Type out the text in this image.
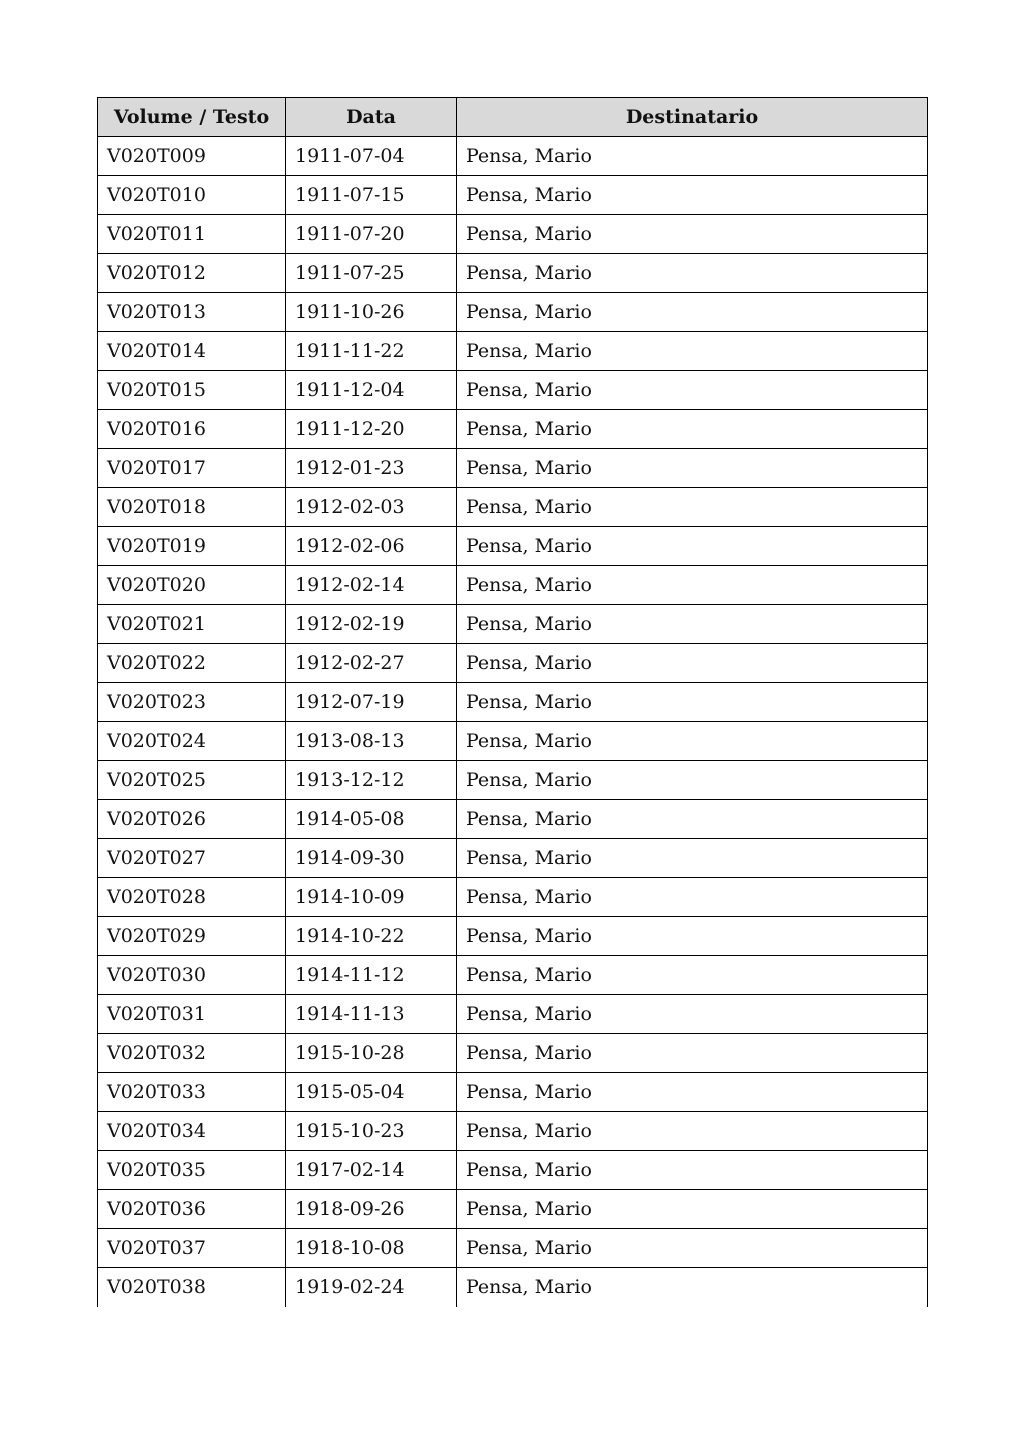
Volume / Testo	Data	Destinatario
V020T009	1911-07-04	Pensa, Mario
V020T010	1911-07-15	Pensa, Mario
V020T011	1911-07-20	Pensa, Mario
V020T012	1911-07-25	Pensa, Mario
V020T013	1911-10-26	Pensa, Mario
V020T014	1911-11-22	Pensa, Mario
V020T015	1911-12-04	Pensa, Mario
V020T016	1911-12-20	Pensa, Mario
V020T017	1912-01-23	Pensa, Mario
V020T018	1912-02-03	Pensa, Mario
V020T019	1912-02-06	Pensa, Mario
V020T020	1912-02-14	Pensa, Mario
V020T021	1912-02-19	Pensa, Mario
V020T022	1912-02-27	Pensa, Mario
V020T023	1912-07-19	Pensa, Mario
V020T024	1913-08-13	Pensa, Mario
V020T025	1913-12-12	Pensa, Mario
V020T026	1914-05-08	Pensa, Mario
V020T027	1914-09-30	Pensa, Mario
V020T028	1914-10-09	Pensa, Mario
V020T029	1914-10-22	Pensa, Mario
V020T030	1914-11-12	Pensa, Mario
V020T031	1914-11-13	Pensa, Mario
V020T032	1915-10-28	Pensa, Mario
V020T033	1915-05-04	Pensa, Mario
V020T034	1915-10-23	Pensa, Mario
V020T035	1917-02-14	Pensa, Mario
V020T036	1918-09-26	Pensa, Mario
V020T037	1918-10-08	Pensa, Mario
V020T038	1919-02-24	Pensa, Mario
